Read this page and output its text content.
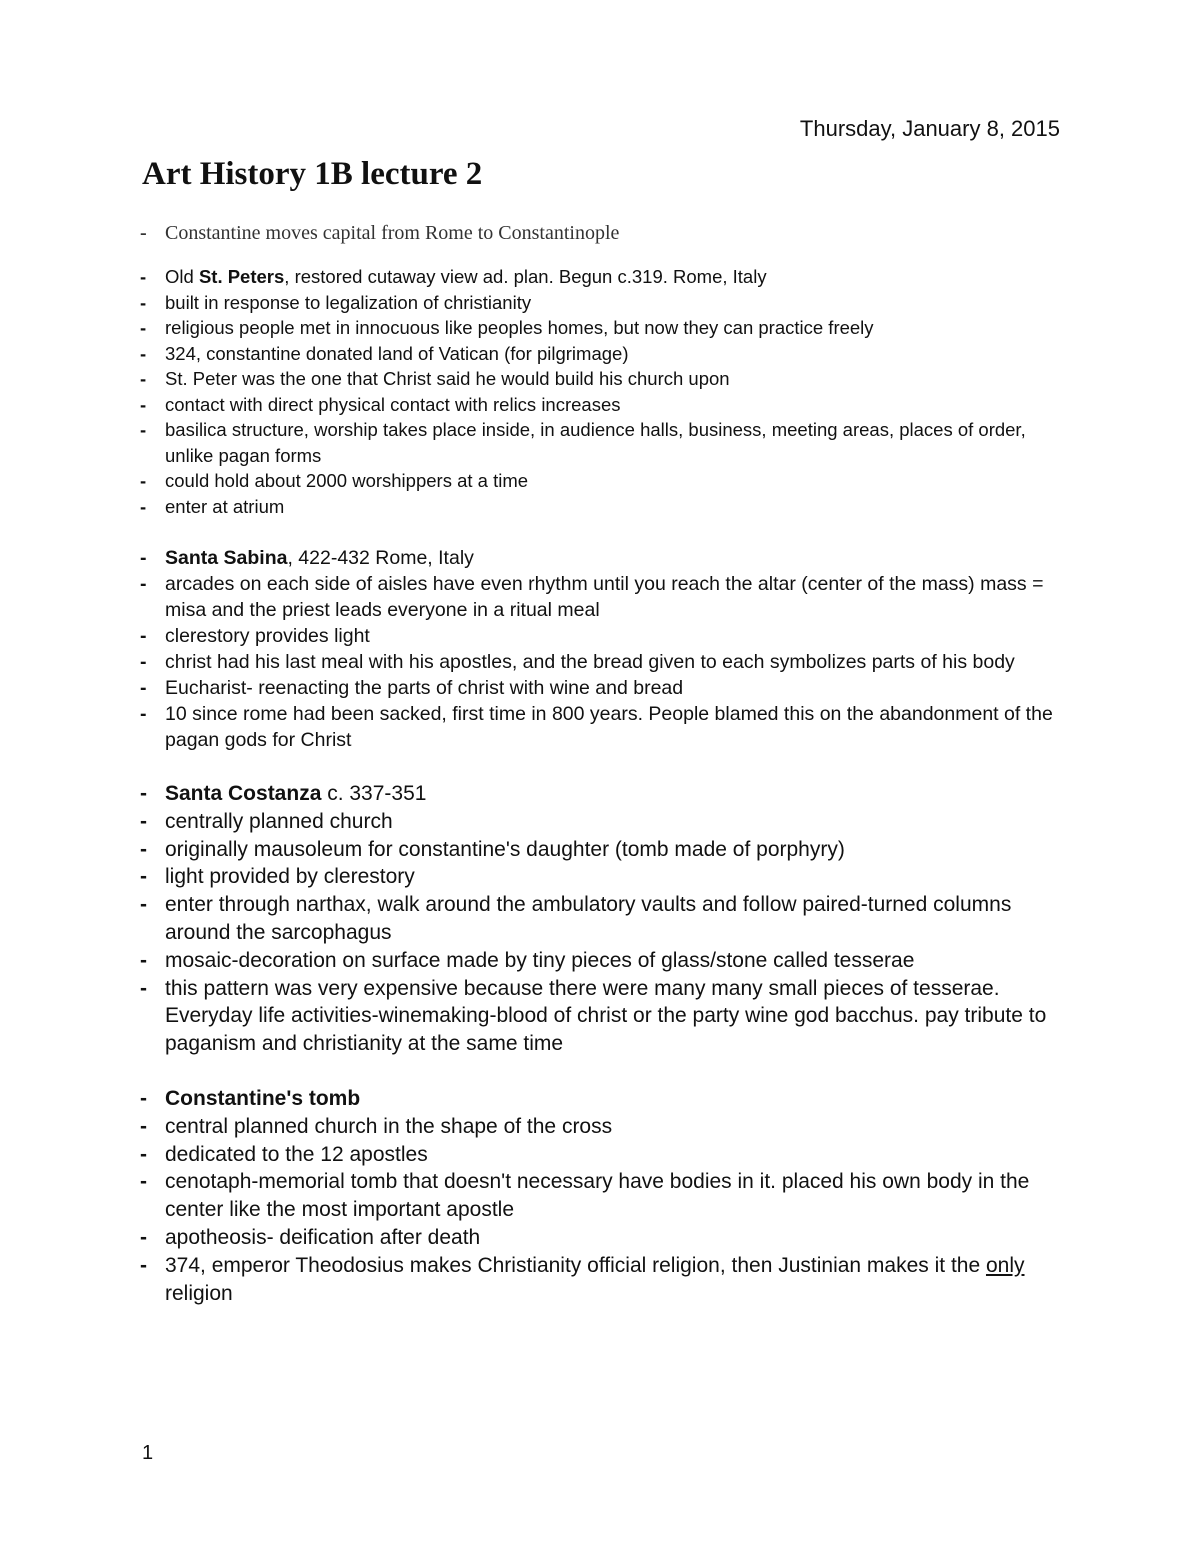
Thursday, January 8, 2015
Art History 1B lecture 2
- Constantine moves capital from Rome to Constantinople
- Old St. Peters, restored cutaway view ad. plan. Begun c.319. Rome, Italy
- built in response to legalization of christianity
- religious people met in innocuous like peoples homes, but now they can practice freely
- 324, constantine donated land of Vatican (for pilgrimage)
- St. Peter was the one that Christ said he would build his church upon
- contact with direct physical contact with relics increases
- basilica structure, worship takes place inside, in audience halls, business, meeting areas, places of order, unlike pagan forms
- could hold about 2000 worshippers at a time
- enter at atrium
- Santa Sabina, 422-432 Rome, Italy
- arcades on each side of aisles have even rhythm until you reach the altar (center of the mass) mass = misa and the priest leads everyone in a ritual meal
- clerestory provides light
- christ had his last meal with his apostles, and the bread given to each symbolizes parts of his body
- Eucharist- reenacting the parts of christ with wine and bread
- 10 since rome had been sacked, first time in 800 years. People blamed this on the abandonment of the pagan gods for Christ
- Santa Costanza c. 337-351
- centrally planned church
- originally mausoleum for constantine's daughter (tomb made of porphyry)
- light provided by clerestory
- enter through narthax, walk around the ambulatory vaults and follow paired-turned columns around the sarcophagus
- mosaic-decoration on surface made by tiny pieces of glass/stone called tesserae
- this pattern was very expensive because there were many many small pieces of tesserae. Everyday life activities-winemaking-blood of christ or the party wine god bacchus. pay tribute to paganism and christianity at the same time
- Constantine's tomb
- central planned church in the shape of the cross
- dedicated to the 12 apostles
- cenotaph-memorial tomb that doesn't necessary have bodies in it. placed his own body in the center like the most important apostle
- apotheosis- deification after death
- 374, emperor Theodosius makes Christianity official religion, then Justinian makes it the only religion
1
